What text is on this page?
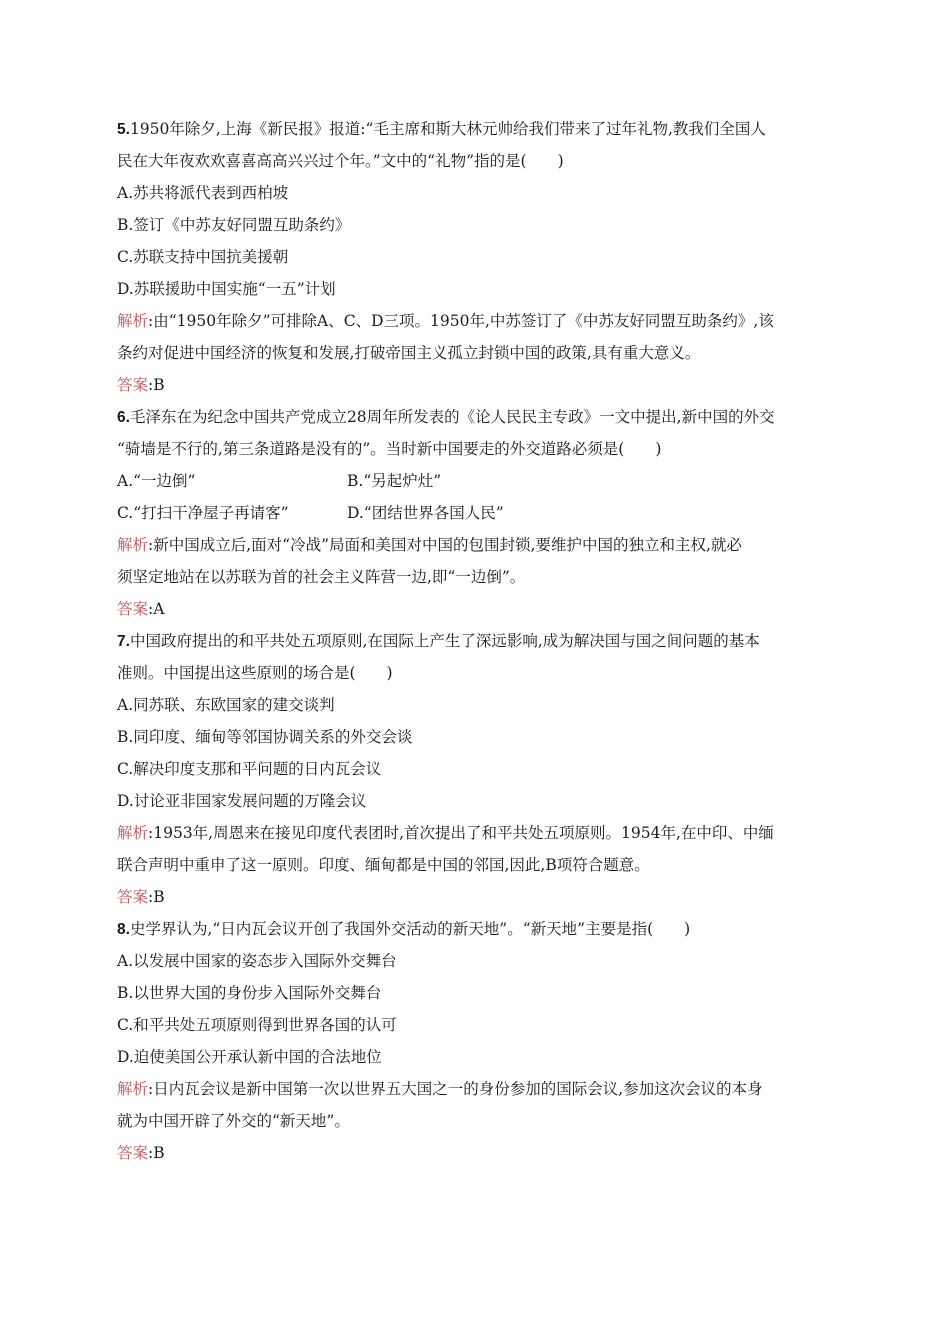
5.1950年除夕,上海《新民报》报道:“毛主席和斯大林元帅给我们带来了过年礼物,教我们全国人
民在大年夜欢欢喜喜高高兴兴过个年。”文中的“礼物”指的是(　　)
A.苏共将派代表到西柏坡
B.签订《中苏友好同盟互助条约》
C.苏联支持中国抗美援朝
D.苏联援助中国实施“一五”计划
解析:由“1950年除夕”可排除A、C、D三项。1950年,中苏签订了《中苏友好同盟互助条约》,该
条约对促进中国经济的恢复和发展,打破帝国主义孤立封锁中国的政策,具有重大意义。
答案:B
6.毛泽东在为纪念中国共产党成立28周年所发表的《论人民民主专政》一文中提出,新中国的外交
“骑墙是不行的,第三条道路是没有的”。当时新中国要走的外交道路必须是(　　)
A.“一边倒”	B.“另起炉灶”
C.“打扫干净屋子再请客”	D.“团结世界各国人民”
解析:新中国成立后,面对“冷战”局面和美国对中国的包围封锁,要维护中国的独立和主权,就必
须坚定地站在以苏联为首的社会主义阵营一边,即“一边倒”。
答案:A
7.中国政府提出的和平共处五项原则,在国际上产生了深远影响,成为解决国与国之间问题的基本
准则。中国提出这些原则的场合是(　　)
A.同苏联、东欧国家的建交谈判
B.同印度、缅甸等邻国协调关系的外交会谈
C.解决印度支那和平问题的日内瓦会议
D.讨论亚非国家发展问题的万隆会议
解析:1953年,周恩来在接见印度代表团时,首次提出了和平共处五项原则。1954年,在中印、中缅
联合声明中重申了这一原则。印度、缅甸都是中国的邻国,因此,B项符合题意。
答案:B
8.史学界认为,“日内瓦会议开创了我国外交活动的新天地”。“新天地”主要是指(　　)
A.以发展中国家的姿态步入国际外交舞台
B.以世界大国的身份步入国际外交舞台
C.和平共处五项原则得到世界各国的认可
D.迫使美国公开承认新中国的合法地位
解析:日内瓦会议是新中国第一次以世界五大国之一的身份参加的国际会议,参加这次会议的本身
就为中国开辟了外交的“新天地”。
答案:B
